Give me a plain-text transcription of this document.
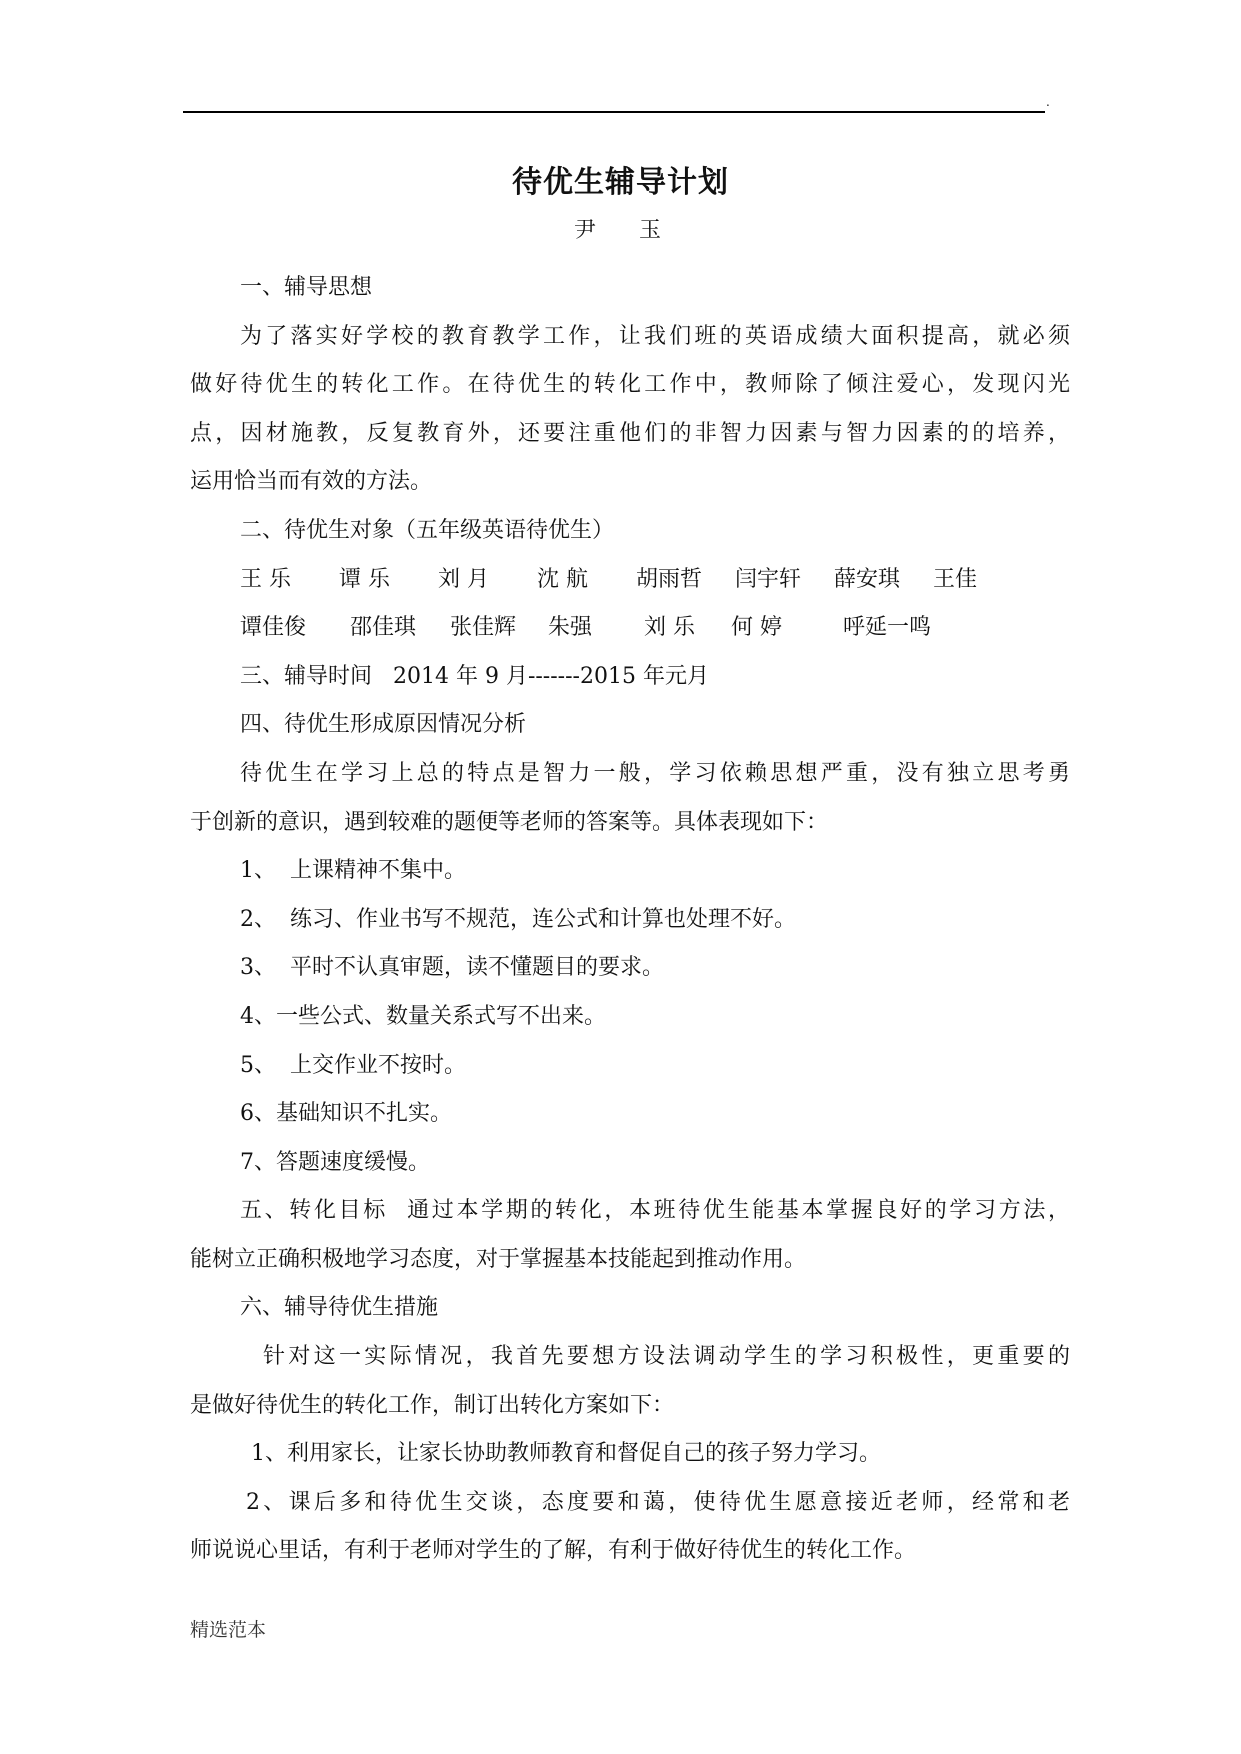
.
待优生辅导计划
尹 玉
一、辅导思想
为了落实好学校的教育教学工作，让我们班的英语成绩大面积提高，就必须
做好待优生的转化工作。在待优生的转化工作中，教师除了倾注爱心，发现闪光
点，因材施教，反复教育外，还要注重他们的非智力因素与智力因素的的培养，
运用恰当而有效的方法。
二、待优生对象（五年级英语待优生）
王 乐 谭 乐 刘 月 沈 航 胡雨哲 闫宇轩 薛安琪 王佳
谭佳俊 邵佳琪 张佳辉 朱强 刘 乐 何 婷	呼延一鸣
三、辅导时间   2014 年 9 月-------2015 年元月
四、待优生形成原因情况分析
待优生在学习上总的特点是智力一般，学习依赖思想严重，没有独立思考勇
于创新的意识，遇到较难的题便等老师的答案等。具体表现如下：
1、  上课精神不集中。
2、  练习、作业书写不规范，连公式和计算也处理不好。
3、  平时不认真审题，读不懂题目的要求。
4、一些公式、数量关系式写不出来。
5、  上交作业不按时。
6、基础知识不扎实。
7、答题速度缓慢。
五、转化目标  通过本学期的转化，本班待优生能基本掌握良好的学习方法，
能树立正确积极地学习态度，对于掌握基本技能起到推动作用。
六、辅导待优生措施
针对这一实际情况，我首先要想方设法调动学生的学习积极性，更重要的
是做好待优生的转化工作，制订出转化方案如下：
1、利用家长，让家长协助教师教育和督促自己的孩子努力学习。
2、课后多和待优生交谈，态度要和蔼，使待优生愿意接近老师，经常和老
师说说心里话，有利于老师对学生的了解，有利于做好待优生的转化工作。
精选范本
